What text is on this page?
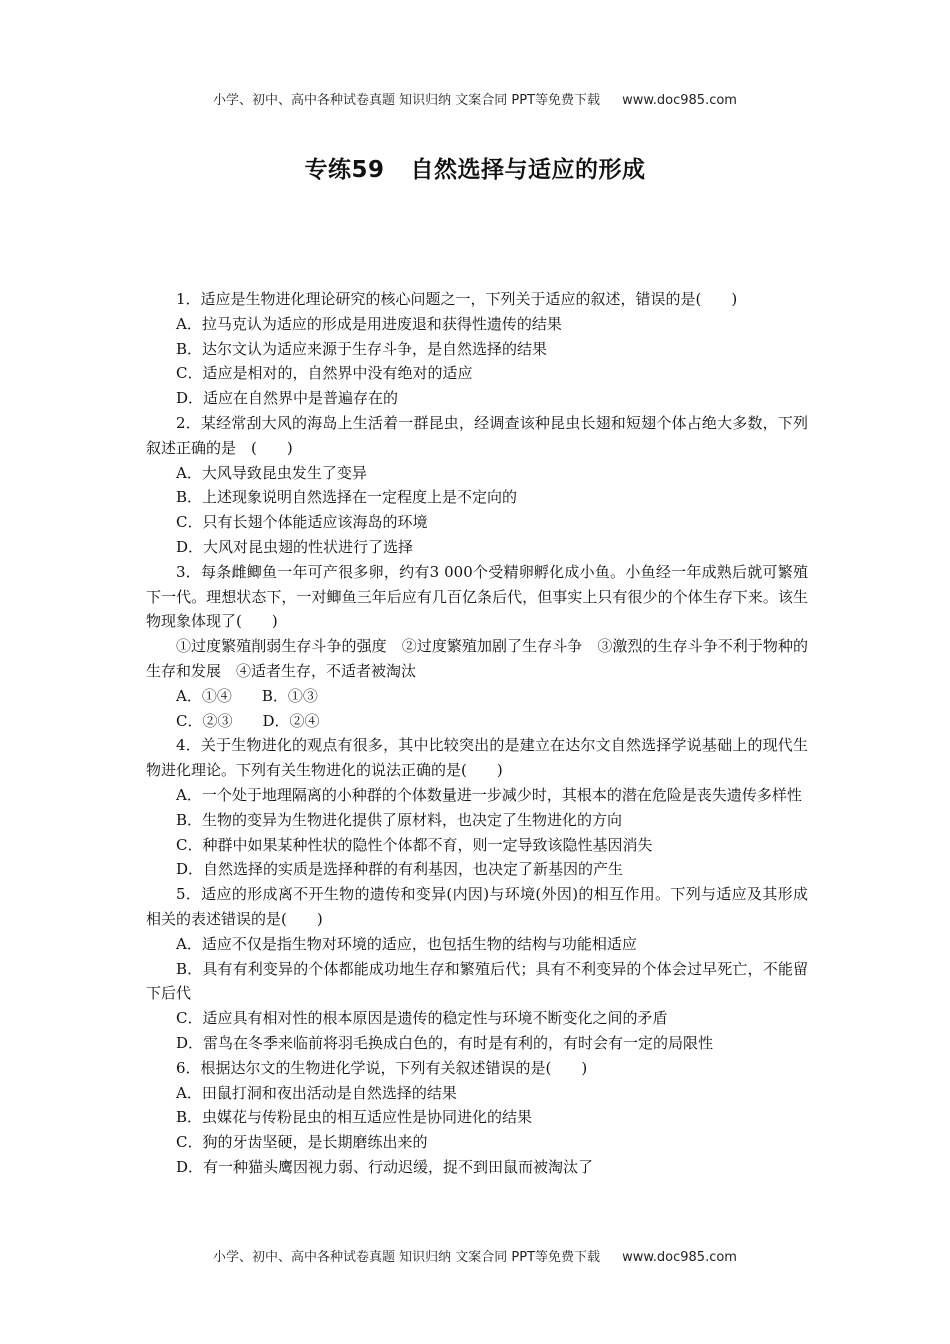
小学、初中、高中各种试卷真题 知识归纳 文案合同 PPT等免费下载 www.doc985.com
专练59 自然选择与适应的形成

1．适应是生物进化理论研究的核心问题之一，下列关于适应的叙述，错误的是(　　)

A．拉马克认为适应的形成是用进废退和获得性遗传的结果

B．达尔文认为适应来源于生存斗争，是自然选择的结果

C．适应是相对的，自然界中没有绝对的适应

D．适应在自然界中是普遍存在的

2．某经常刮大风的海岛上生活着一群昆虫，经调查该种昆虫长翅和短翅个体占绝大多数，下列叙述正确的是　(　　)

A．大风导致昆虫发生了变异

B．上述现象说明自然选择在一定程度上是不定向的

C．只有长翅个体能适应该海岛的环境

D．大风对昆虫翅的性状进行了选择

3．每条雌鲫鱼一年可产很多卵，约有3 000个受精卵孵化成小鱼。小鱼经一年成熟后就可繁殖下一代。理想状态下，一对鲫鱼三年后应有几百亿条后代，但事实上只有很少的个体生存下来。该生物现象体现了(　　)

①过度繁殖削弱生存斗争的强度　②过度繁殖加剧了生存斗争　③激烈的生存斗争不利于物种的生存和发展　④适者生存，不适者被淘汰

A．①④ B．①③

C．②③ D．②④

4．关于生物进化的观点有很多，其中比较突出的是建立在达尔文自然选择学说基础上的现代生物进化理论。下列有关生物进化的说法正确的是(　　)

A．一个处于地理隔离的小种群的个体数量进一步减少时，其根本的潜在危险是丧失遗传多样性

B．生物的变异为生物进化提供了原材料，也决定了生物进化的方向

C．种群中如果某种性状的隐性个体都不育，则一定导致该隐性基因消失

D．自然选择的实质是选择种群的有利基因，也决定了新基因的产生

5．适应的形成离不开生物的遗传和变异(内因)与环境(外因)的相互作用。下列与适应及其形成相关的表述错误的是(　　)

A．适应不仅是指生物对环境的适应，也包括生物的结构与功能相适应

B．具有有利变异的个体都能成功地生存和繁殖后代；具有不利变异的个体会过早死亡，不能留下后代

C．适应具有相对性的根本原因是遗传的稳定性与环境不断变化之间的矛盾

D．雷鸟在冬季来临前将羽毛换成白色的，有时是有利的，有时会有一定的局限性

6．根据达尔文的生物进化学说，下列有关叙述错误的是(　　)

A．田鼠打洞和夜出活动是自然选择的结果

B．虫媒花与传粉昆虫的相互适应性是协同进化的结果

C．狗的牙齿坚硬，是长期磨练出来的

D．有一种猫头鹰因视力弱、行动迟缓，捉不到田鼠而被淘汰了

小学、初中、高中各种试卷真题 知识归纳 文案合同 PPT等免费下载 www.doc985.com
